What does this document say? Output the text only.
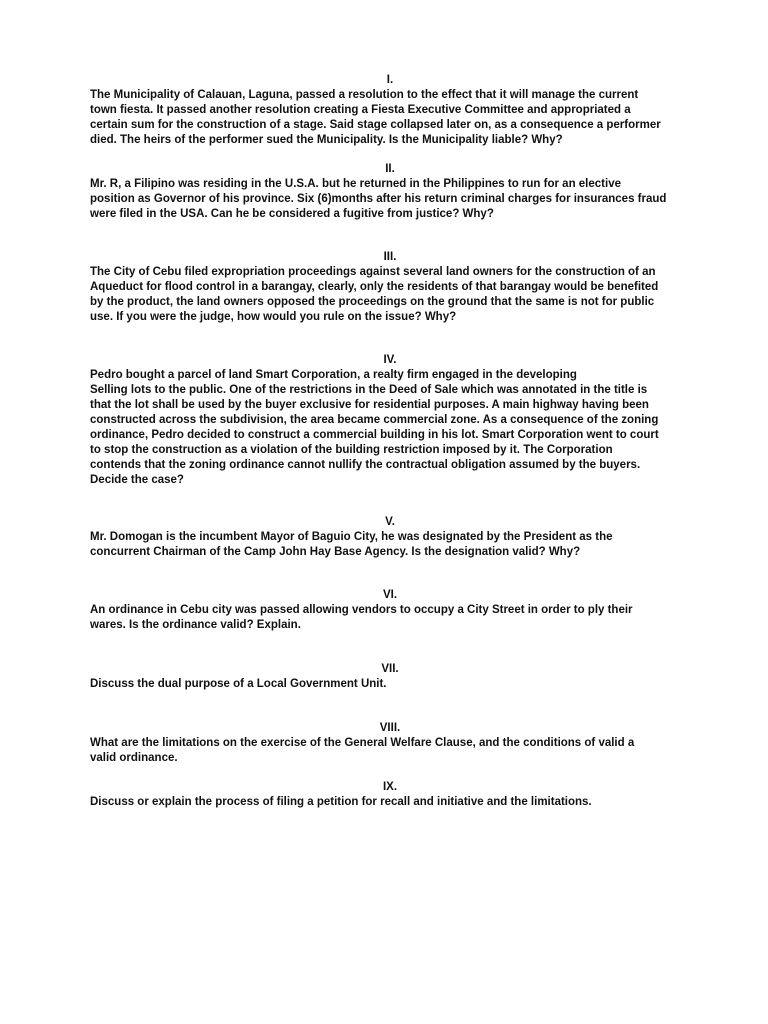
I.

The Municipality of Calauan, Laguna, passed a resolution to the effect that it will manage the current
town fiesta. It passed another resolution creating a Fiesta Executive Committee and appropriated a
certain sum for the construction of a stage. Said stage collapsed later on, as a consequence a performer
died. The heirs of the performer sued the Municipality. Is the Municipality liable? Why?

II.

Mr. R, a Filipino was residing in the U.S.A. but he returned in the Philippines to run for an elective
position as Governor of his province. Six (6)months after his return criminal charges for insurances fraud
were filed in the USA. Can he be considered a fugitive from justice? Why?

III.

The City of Cebu filed expropriation proceedings against several land owners for the construction of an
Aqueduct for flood control in a barangay, clearly, only the residents of that barangay would be benefited
by the product, the land owners opposed the proceedings on the ground that the same is not for public
use. If you were the judge, how would you rule on the issue? Why?

IV.

Pedro bought a parcel of land Smart Corporation, a realty firm engaged in the developing
Selling lots to the public. One of the restrictions in the Deed of Sale which was annotated in the title is
that the lot shall be used by the buyer exclusive for residential purposes. A main highway having been
constructed across the subdivision, the area became commercial zone. As a consequence of the zoning
ordinance, Pedro decided to construct a commercial building in his lot. Smart Corporation went to court
to stop the construction as a violation of the building restriction imposed by it. The Corporation
contends that the zoning ordinance cannot nullify the contractual obligation assumed by the buyers.
Decide the case?

V.

Mr. Domogan is the incumbent Mayor of Baguio City, he was designated by the President as the
concurrent Chairman of the Camp John Hay Base Agency. Is the designation valid? Why?

VI.

An ordinance in Cebu city was passed allowing vendors to occupy a City Street in order to ply their
wares. Is the ordinance valid? Explain.

VII.

Discuss the dual purpose of a Local Government Unit.

VIII.

What are the limitations on the exercise of the General Welfare Clause, and the conditions of valid a
valid ordinance.

IX.

Discuss or explain the process of filing a petition for recall and initiative and the limitations.
